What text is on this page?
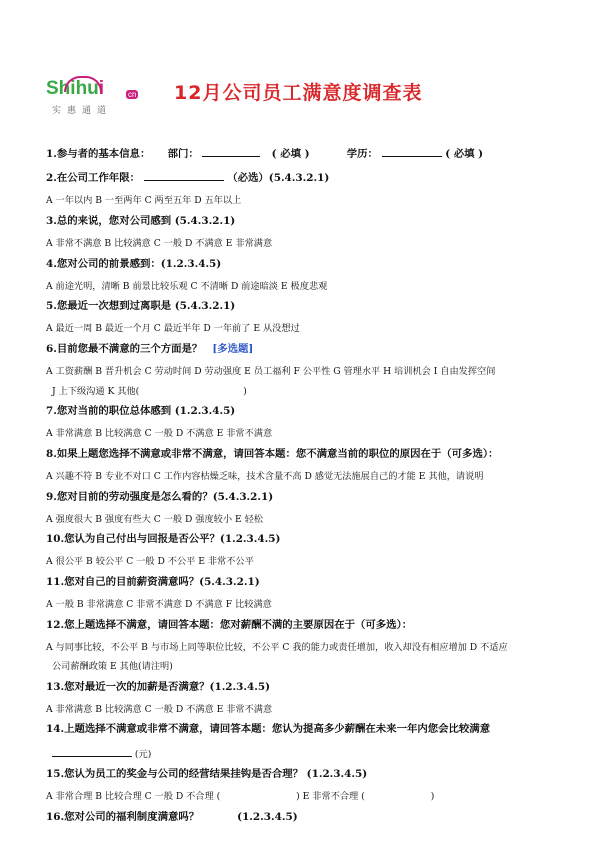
Shihui	cn
实惠通道
12月公司员工满意度调查表
1.参与者的基本信息： 部门：	( 必填 )	学历：	( 必填 )
2.在公司工作年限：	（必选）(5.4.3.2.1)
A 一年以内 B 一至两年 C 两至五年 D 五年以上
3.总的来说，您对公司感到 (5.4.3.2.1)
A 非常不满意 B 比较满意 C 一般 D 不满意 E 非常满意
4.您对公司的前景感到：(1.2.3.4.5)
A 前途光明，清晰 B 前景比较乐观 C 不清晰 D 前途暗淡 E 极度悲观
5.您最近一次想到过离职是 (5.4.3.2.1)
A 最近一周 B 最近一个月 C 最近半年 D 一年前了 E 从没想过
6.目前您最不满意的三个方面是？ [多选题]
A 工资薪酬 B 晋升机会 C 劳动时间 D 劳动强度 E 员工福利 F 公平性 G 管理水平 H 培训机会 I 自由发挥空间
J 上下级沟通 K 其他(	)
7.您对当前的职位总体感到 (1.2.3.4.5)
A 非常满意 B 比较满意 C 一般 D 不满意 E 非常不满意
8.如果上题您选择不满意或非常不满意，请回答本题：您不满意当前的职位的原因在于（可多选）：
A 兴趣不符 B 专业不对口 C 工作内容枯燥乏味，技术含量不高 D 感觉无法施展自己的才能 E 其他，请说明
9.您对目前的劳动强度是怎么看的？(5.4.3.2.1)
A 强度很大 B 强度有些大 C 一般 D 强度较小 E 轻松
10.您认为自己付出与回报是否公平？(1.2.3.4.5)
A 很公平 B 较公平 C 一般 D 不公平 E 非常不公平
11.您对自己的目前薪资满意吗？(5.4.3.2.1)
A 一般 B 非常满意 C 非常不满意 D 不满意 F 比较满意
12.您上题选择不满意，请回答本题：您对薪酬不满的主要原因在于（可多选）：
A 与同事比较，不公平 B 与市场上同等职位比较，不公平 C 我的能力或责任增加，收入却没有相应增加 D 不适应
公司薪酬政策 E 其他(请注明)
13.您对最近一次的加薪是否满意？(1.2.3.4.5)
A 非常满意 B 比较满意 C 一般 D 不满意 E 非常不满意
14.上题选择不满意或非常不满意，请回答本题：您认为提高多少薪酬在未来一年内您会比较满意
(元)
15.您认为员工的奖金与公司的经营结果挂钩是否合理？ (1.2.3.4.5)
A 非常合理 B 比较合理 C 一般 D 不合理 (	) E 非常不合理 (	)
16.您对公司的福利制度满意吗？	(1.2.3.4.5)
